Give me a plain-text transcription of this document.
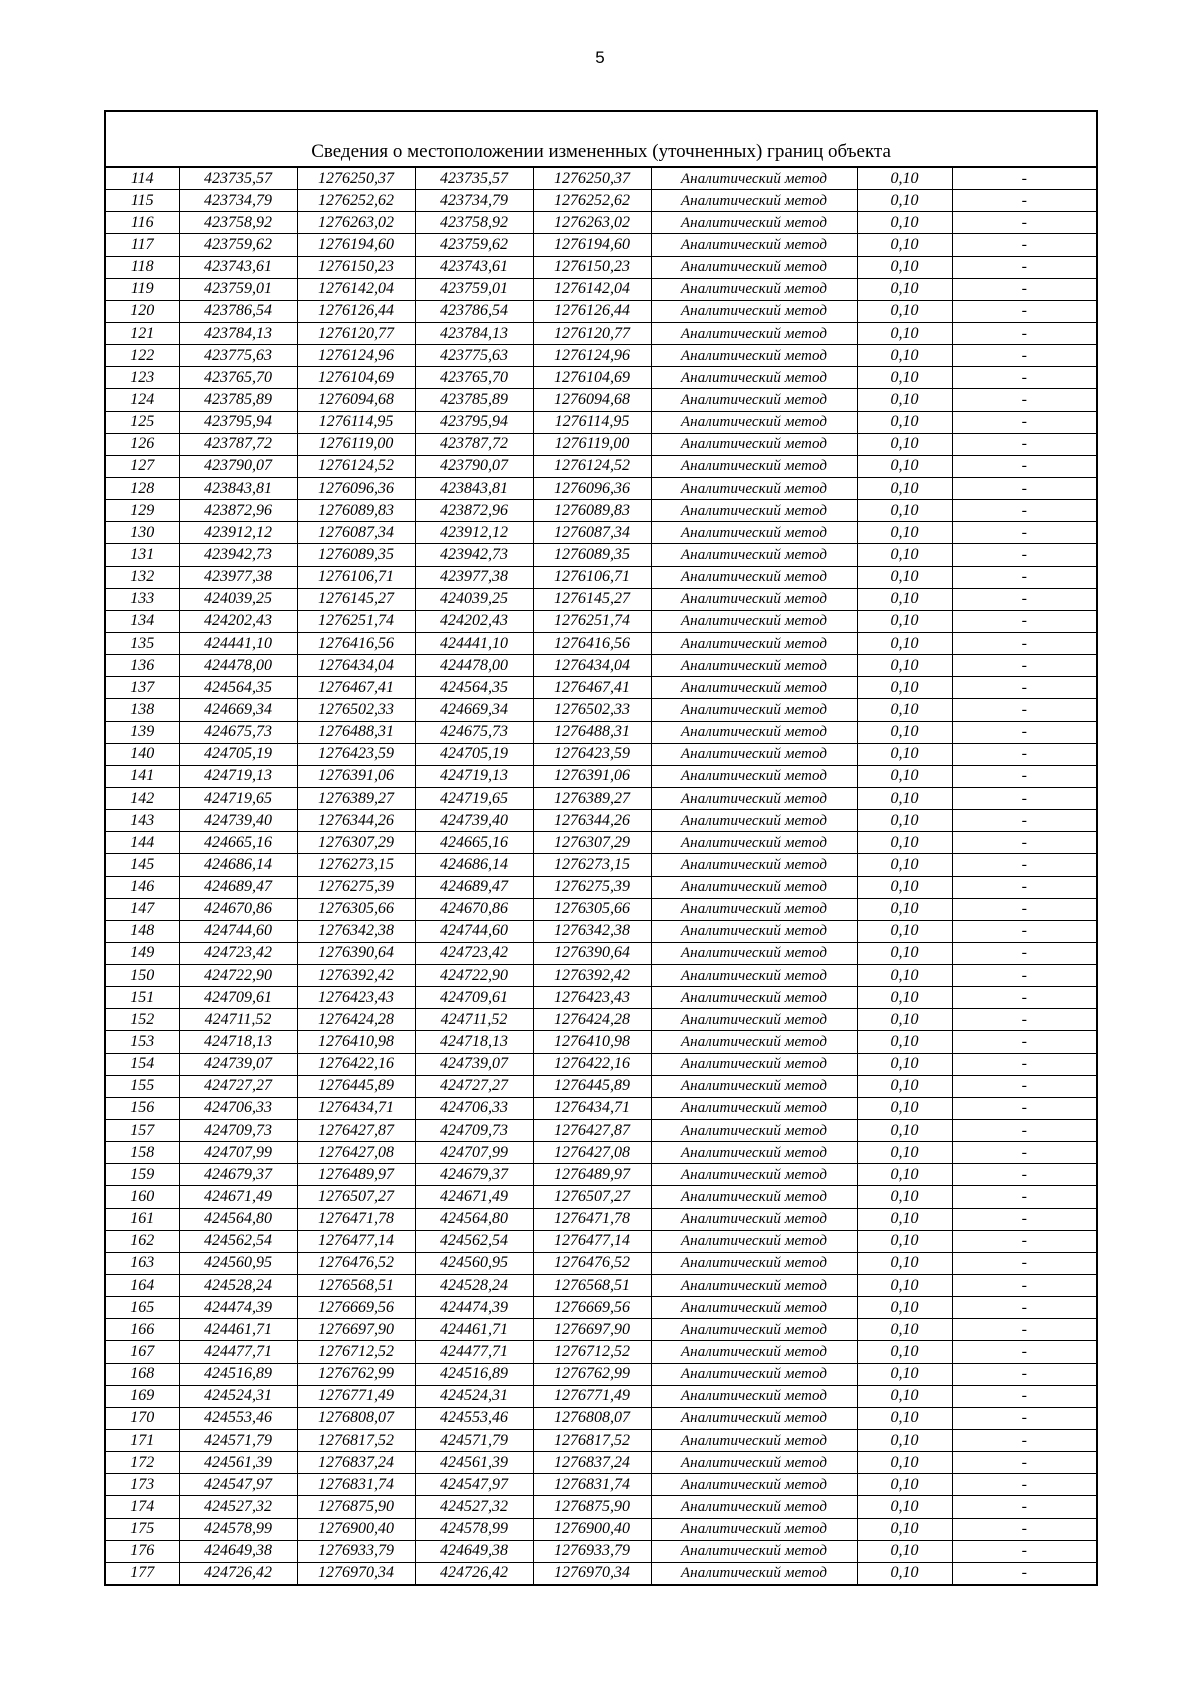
5
Сведения о местоположении измененных (уточненных) границ объекта							
114	423735,57	1276250,37	423735,57	1276250,37	Аналитический метод	0,10	-
115	423734,79	1276252,62	423734,79	1276252,62	Аналитический метод	0,10	-
116	423758,92	1276263,02	423758,92	1276263,02	Аналитический метод	0,10	-
117	423759,62	1276194,60	423759,62	1276194,60	Аналитический метод	0,10	-
118	423743,61	1276150,23	423743,61	1276150,23	Аналитический метод	0,10	-
119	423759,01	1276142,04	423759,01	1276142,04	Аналитический метод	0,10	-
120	423786,54	1276126,44	423786,54	1276126,44	Аналитический метод	0,10	-
121	423784,13	1276120,77	423784,13	1276120,77	Аналитический метод	0,10	-
122	423775,63	1276124,96	423775,63	1276124,96	Аналитический метод	0,10	-
123	423765,70	1276104,69	423765,70	1276104,69	Аналитический метод	0,10	-
124	423785,89	1276094,68	423785,89	1276094,68	Аналитический метод	0,10	-
125	423795,94	1276114,95	423795,94	1276114,95	Аналитический метод	0,10	-
126	423787,72	1276119,00	423787,72	1276119,00	Аналитический метод	0,10	-
127	423790,07	1276124,52	423790,07	1276124,52	Аналитический метод	0,10	-
128	423843,81	1276096,36	423843,81	1276096,36	Аналитический метод	0,10	-
129	423872,96	1276089,83	423872,96	1276089,83	Аналитический метод	0,10	-
130	423912,12	1276087,34	423912,12	1276087,34	Аналитический метод	0,10	-
131	423942,73	1276089,35	423942,73	1276089,35	Аналитический метод	0,10	-
132	423977,38	1276106,71	423977,38	1276106,71	Аналитический метод	0,10	-
133	424039,25	1276145,27	424039,25	1276145,27	Аналитический метод	0,10	-
134	424202,43	1276251,74	424202,43	1276251,74	Аналитический метод	0,10	-
135	424441,10	1276416,56	424441,10	1276416,56	Аналитический метод	0,10	-
136	424478,00	1276434,04	424478,00	1276434,04	Аналитический метод	0,10	-
137	424564,35	1276467,41	424564,35	1276467,41	Аналитический метод	0,10	-
138	424669,34	1276502,33	424669,34	1276502,33	Аналитический метод	0,10	-
139	424675,73	1276488,31	424675,73	1276488,31	Аналитический метод	0,10	-
140	424705,19	1276423,59	424705,19	1276423,59	Аналитический метод	0,10	-
141	424719,13	1276391,06	424719,13	1276391,06	Аналитический метод	0,10	-
142	424719,65	1276389,27	424719,65	1276389,27	Аналитический метод	0,10	-
143	424739,40	1276344,26	424739,40	1276344,26	Аналитический метод	0,10	-
144	424665,16	1276307,29	424665,16	1276307,29	Аналитический метод	0,10	-
145	424686,14	1276273,15	424686,14	1276273,15	Аналитический метод	0,10	-
146	424689,47	1276275,39	424689,47	1276275,39	Аналитический метод	0,10	-
147	424670,86	1276305,66	424670,86	1276305,66	Аналитический метод	0,10	-
148	424744,60	1276342,38	424744,60	1276342,38	Аналитический метод	0,10	-
149	424723,42	1276390,64	424723,42	1276390,64	Аналитический метод	0,10	-
150	424722,90	1276392,42	424722,90	1276392,42	Аналитический метод	0,10	-
151	424709,61	1276423,43	424709,61	1276423,43	Аналитический метод	0,10	-
152	424711,52	1276424,28	424711,52	1276424,28	Аналитический метод	0,10	-
153	424718,13	1276410,98	424718,13	1276410,98	Аналитический метод	0,10	-
154	424739,07	1276422,16	424739,07	1276422,16	Аналитический метод	0,10	-
155	424727,27	1276445,89	424727,27	1276445,89	Аналитический метод	0,10	-
156	424706,33	1276434,71	424706,33	1276434,71	Аналитический метод	0,10	-
157	424709,73	1276427,87	424709,73	1276427,87	Аналитический метод	0,10	-
158	424707,99	1276427,08	424707,99	1276427,08	Аналитический метод	0,10	-
159	424679,37	1276489,97	424679,37	1276489,97	Аналитический метод	0,10	-
160	424671,49	1276507,27	424671,49	1276507,27	Аналитический метод	0,10	-
161	424564,80	1276471,78	424564,80	1276471,78	Аналитический метод	0,10	-
162	424562,54	1276477,14	424562,54	1276477,14	Аналитический метод	0,10	-
163	424560,95	1276476,52	424560,95	1276476,52	Аналитический метод	0,10	-
164	424528,24	1276568,51	424528,24	1276568,51	Аналитический метод	0,10	-
165	424474,39	1276669,56	424474,39	1276669,56	Аналитический метод	0,10	-
166	424461,71	1276697,90	424461,71	1276697,90	Аналитический метод	0,10	-
167	424477,71	1276712,52	424477,71	1276712,52	Аналитический метод	0,10	-
168	424516,89	1276762,99	424516,89	1276762,99	Аналитический метод	0,10	-
169	424524,31	1276771,49	424524,31	1276771,49	Аналитический метод	0,10	-
170	424553,46	1276808,07	424553,46	1276808,07	Аналитический метод	0,10	-
171	424571,79	1276817,52	424571,79	1276817,52	Аналитический метод	0,10	-
172	424561,39	1276837,24	424561,39	1276837,24	Аналитический метод	0,10	-
173	424547,97	1276831,74	424547,97	1276831,74	Аналитический метод	0,10	-
174	424527,32	1276875,90	424527,32	1276875,90	Аналитический метод	0,10	-
175	424578,99	1276900,40	424578,99	1276900,40	Аналитический метод	0,10	-
176	424649,38	1276933,79	424649,38	1276933,79	Аналитический метод	0,10	-
177	424726,42	1276970,34	424726,42	1276970,34	Аналитический метод	0,10	-
